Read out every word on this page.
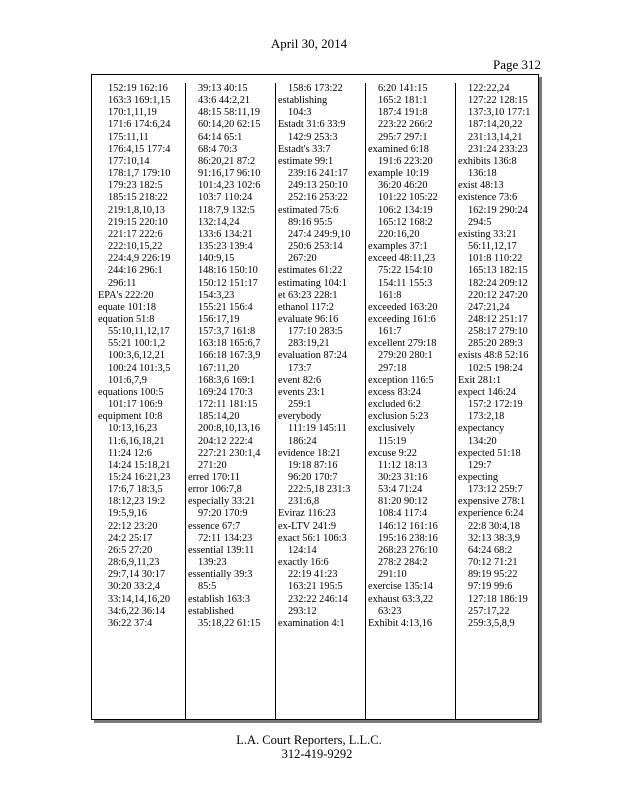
April 30, 2014
Page 312
152:19 162:16
163:3 169:1,15
170:1,11,19
171:6 174:6,24
175:11,11
176:4,15 177:4
177:10,14
178:1,7 179:10
179:23 182:5
185:15 218:22
219:1,8,10,13
219:15 220:10
221:17 222:6
222:10,15,22
224:4,9 226:19
244:16 296:1
296:11
EPA's 222:20
equate 101:18
equation 51:8
55:10,11,12,17
55:21 100:1,2
100:3,6,12,21
100:24 101:3,5
101:6,7,9
equations 100:5
101:17 106:9
equipment 10:8
10:13,16,23
11:6,16,18,21
11:24 12:6
14:24 15:18,21
15:24 16:21,23
17:6,7 18:3,5
18:12,23 19:2
19:5,9,16
22:12 23:20
24:2 25:17
26:5 27:20
28:6,9,11,23
29:7,14 30:17
30:20 33:2,4
33:14,14,16,20
34:6,22 36:14
36:22 37:4
39:13 40:15
43:6 44:2,21
48:15 58:11,19
60:14,20 62:15
64:14 65:1
68:4 70:3
86:20,21 87:2
91:16,17 96:10
101:4,23 102:6
103:7 110:24
118:7,9 132:5
132:14,24
133:6 134:21
135:23 139:4
140:9,15
148:16 150:10
150:12 151:17
154:3,23
155:21 156:4
156:17,19
157:3,7 161:8
163:18 165:6,7
166:18 167:3,9
167:11,20
168:3,6 169:1
169:24 170:3
172:11 181:15
185:14,20
200:8,10,13,16
204:12 222:4
227:21 230:1,4
271:20
erred 170:11
error 106:7,8
especially 33:21
97:20 170:9
essence 67:7
72:11 134:23
essential 139:11
139:23
essentially 39:3
85:5
establish 163:3
established
35:18,22 61:15
158:6 173:22
establishing
104:3
Estadt 31:6 33:9
142:9 253:3
Estadt's 33:7
estimate 99:1
239:16 241:17
249:13 250:10
252:16 253:22
estimated 75:6
89:16 95:5
247:4 249:9,10
250:6 253:14
267:20
estimates 61:22
estimating 104:1
et 63:23 228:1
ethanol 117:2
evaluate 96:16
177:10 283:5
283:19,21
evaluation 87:24
173:7
event 82:6
events 23:1
259:1
everybody
111:19 145:11
186:24
evidence 18:21
19:18 87:16
96:20 170:7
222:5,18 231:3
231:6,8
Eviraz 116:23
ex-LTV 241:9
exact 56:1 106:3
124:14
exactly 16:6
22:19 41:23
163:21 195:5
232:22 246:14
293:12
examination 4:1
6:20 141:15
165:2 181:1
187:4 191:8
223:22 266:2
295:7 297:1
examined 6:18
191:6 223:20
example 10:19
36:20 46:20
101:22 105:22
106:2 134:19
165:12 168:2
220:16,20
examples 37:1
exceed 48:11,23
75:22 154:10
154:11 155:3
161:8
exceeded 163:20
exceeding 161:6
161:7
excellent 279:18
279:20 280:1
297:18
exception 116:5
excess 83:24
excluded 6:2
exclusion 5:23
exclusively
115:19
excuse 9:22
11:12 18:13
30:23 31:16
53:4 71:24
81:20 90:12
108:4 117:4
146:12 161:16
195:16 238:16
268:23 276:10
278:2 284:2
291:10
exercise 135:14
exhaust 63:3,22
63:23
Exhibit 4:13,16
122:22,24
127:22 128:15
137:3,10 177:1
187:14,20,22
231:13,14,21
231:24 233:23
exhibits 136:8
136:18
exist 48:13
existence 73:6
162:19 290:24
294:5
existing 33:21
56:11,12,17
101:8 110:22
165:13 182:15
182:24 209:12
220:12 247:20
247:21,24
248:12 251:17
258:17 279:10
285:20 289:3
exists 48:8 52:16
102:5 198:24
Exit 281:1
expect 146:24
157:2 172:19
173:2,18
expectancy
134:20
expected 51:18
129:7
expecting
173:12 259:7
expensive 278:1
experience 6:24
22:8 30:4,18
32:13 38:3,9
64:24 68:2
70:12 71:21
89:19 95:22
97:19 99:6
127:18 186:19
257:17,22
259:3,5,8,9
L.A. Court Reporters, L.L.C.
312-419-9292
